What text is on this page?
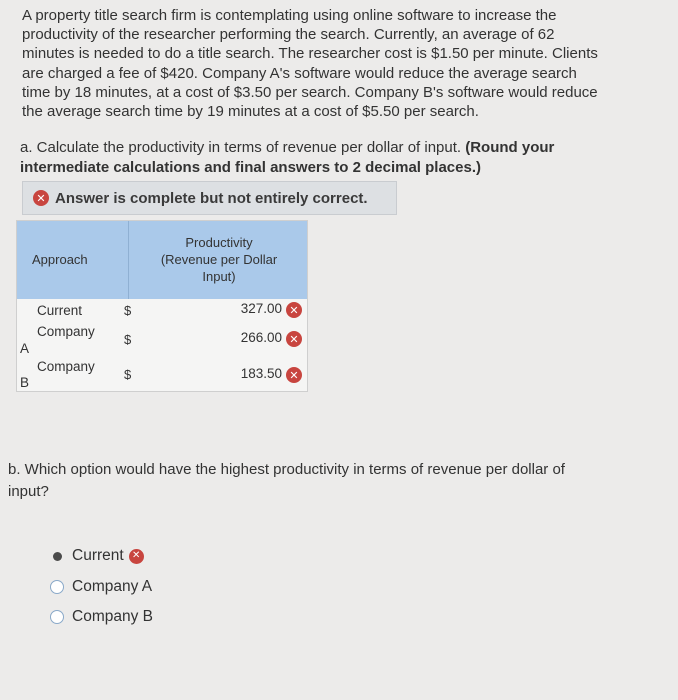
A property title search firm is contemplating using online software to increase the
productivity of the researcher performing the search. Currently, an average of 62
minutes is needed to do a title search. The researcher cost is $1.50 per minute. Clients
are charged a fee of $420. Company A's software would reduce the average search
time by 18 minutes, at a cost of $3.50 per search. Company B's software would reduce
the average search time by 19 minutes at a cost of $5.50 per search.
a. Calculate the productivity in terms of revenue per dollar of input. (Round your
intermediate calculations and final answers to 2 decimal places.)
✕ Answer is complete but not entirely correct.
Approach
Productivity
(Revenue per Dollar
Input)
Current	$	327.00 ✕
Company
A
$	266.00 ✕
Company
B
$	183.50 ✕
b. Which option would have the highest productivity in terms of revenue per dollar of
input?
Current ✕
Company A
Company B
